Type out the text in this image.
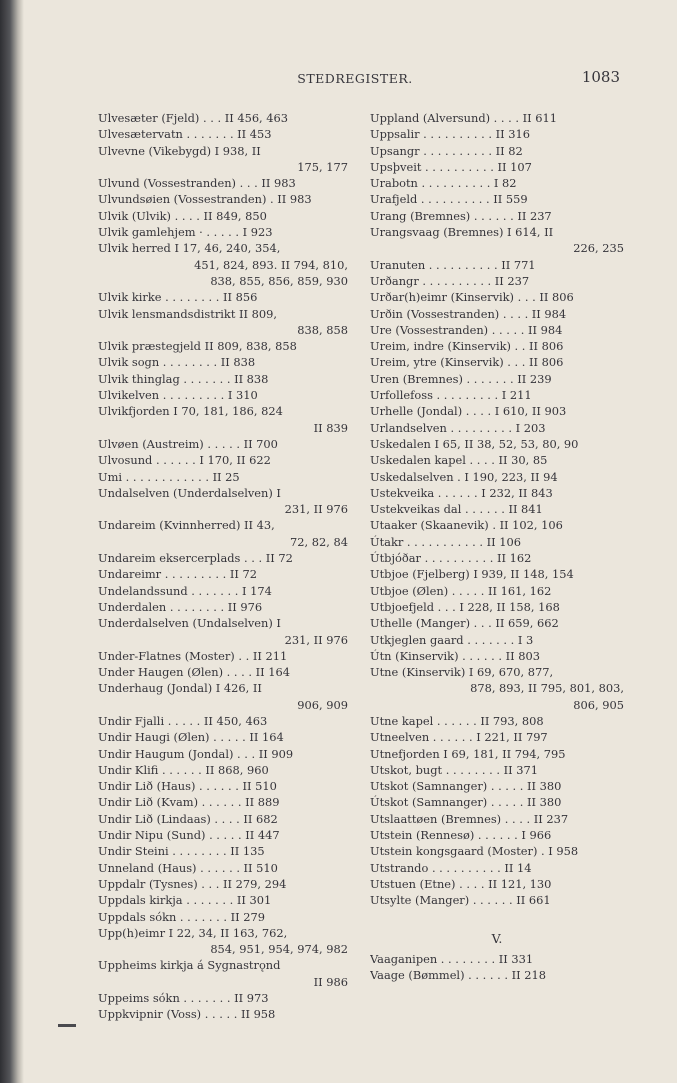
STEDREGISTER.	1083
Ulvesæter (Fjeld) . . . II 456, 463
Ulvesætervatn . . . . . . . II 453
Ulvevne (Vikebygd) I 938, II
175, 177
Ulvund (Vossestranden) . . . II 983
Ulvundsøien (Vossestranden) . II 983
Ulvik (Ulvik) . . . . II 849, 850
Ulvik gamlehjem · . . . . . I 923
Ulvik herred I 17, 46, 240, 354,
451, 824, 893. II 794, 810,
838, 855, 856, 859, 930
Ulvik kirke . . . . . . . . II 856
Ulvik lensmandsdistrikt II 809,
838, 858
Ulvik præstegjeld II 809, 838, 858
Ulvik sogn . . . . . . . . II 838
Ulvik thinglag . . . . . . . II 838
Ulvikelven . . . . . . . . . I 310
Ulvikfjorden I 70, 181, 186, 824
II 839
Ulvøen (Austreim) . . . . . II 700
Ulvosund . . . . . . I 170, II 622
Umi . . . . . . . . . . . . II 25
Undalselven (Underdalselven) I
231, II 976
Undareim (Kvinnherred) II 43,
72, 82, 84
Undareim eksercerplads . . . II 72
Undareimr . . . . . . . . . II 72
Undelandssund . . . . . . . I 174
Underdalen . . . . . . . . II 976
Underdalselven (Undalselven) I
231, II 976
Under-Flatnes (Moster) . . II 211
Under Haugen (Ølen) . . . . II 164
Underhaug (Jondal) I 426, II
906, 909
Undir Fjalli . . . . . II 450, 463
Undir Haugi (Ølen) . . . . . II 164
Undir Haugum (Jondal) . . . II 909
Undir Klifi . . . . . . II 868, 960
Undir Lið (Haus) . . . . . . II 510
Undir Lið (Kvam) . . . . . . II 889
Undir Lið (Lindaas) . . . . II 682
Undir Nipu (Sund) . . . . . II 447
Undir Steini . . . . . . . . II 135
Unneland (Haus) . . . . . . II 510
Uppdalr (Tysnes) . . . II 279, 294
Uppdals kirkja . . . . . . . II 301
Uppdals sókn . . . . . . . II 279
Upp(h)eimr I 22, 34, II 163, 762,
854, 951, 954, 974, 982
Uppheims kirkja á Sygnastrǫnd
II 986
Uppeims sókn . . . . . . . II 973
Uppkvipnir (Voss) . . . . . II 958
Uppland (Alversund) . . . . II 611
Uppsalir . . . . . . . . . . II 316
Upsangr . . . . . . . . . . II 82
Upsþveit . . . . . . . . . . II 107
Urabotn . . . . . . . . . . I 82
Urafjeld . . . . . . . . . . II 559
Urang (Bremnes) . . . . . . II 237
Urangsvaag (Bremnes) I 614, II
226, 235
Uranuten . . . . . . . . . . II 771
Urðangr . . . . . . . . . . II 237
Urðar(h)eimr (Kinservik) . . . II 806
Urðin (Vossestranden) . . . . II 984
Ure (Vossestranden) . . . . . II 984
Ureim, indre (Kinservik) . . II 806
Ureim, ytre (Kinservik) . . . II 806
Uren (Bremnes) . . . . . . . II 239
Urfollefoss . . . . . . . . . I 211
Urhelle (Jondal) . . . . I 610, II 903
Urlandselven . . . . . . . . . I 203
Uskedalen I 65, II 38, 52, 53, 80, 90
Uskedalen kapel . . . . II 30, 85
Uskedalselven . I 190, 223, II 94
Ustekveika . . . . . . I 232, II 843
Ustekveikas dal . . . . . . II 841
Utaaker (Skaanevik) . II 102, 106
Útakr . . . . . . . . . . . II 106
Útbjóðar . . . . . . . . . . II 162
Utbjoe (Fjelberg) I 939, II 148, 154
Utbjoe (Ølen) . . . . . II 161, 162
Utbjoefjeld . . . I 228, II 158, 168
Uthelle (Manger) . . . II 659, 662
Utkjeglen gaard . . . . . . . I 3
Útn (Kinservik) . . . . . . II 803
Utne (Kinservik) I 69, 670, 877,
878, 893, II 795, 801, 803,
806, 905
Utne kapel . . . . . . II 793, 808
Utneelven . . . . . . I 221, II 797
Utnefjorden I 69, 181, II 794, 795
Utskot, bugt . . . . . . . . II 371
Utskot (Samnanger) . . . . . II 380
Útskot (Samnanger) . . . . . II 380
Utslaattøen (Bremnes) . . . . II 237
Utstein (Rennesø) . . . . . . I 966
Utstein kongsgaard (Moster) . I 958
Utstrando . . . . . . . . . . II 14
Utstuen (Etne) . . . . II 121, 130
Utsylte (Manger) . . . . . . II 661
V.
Vaaganipen . . . . . . . . II 331
Vaage (Bømmel) . . . . . . II 218
